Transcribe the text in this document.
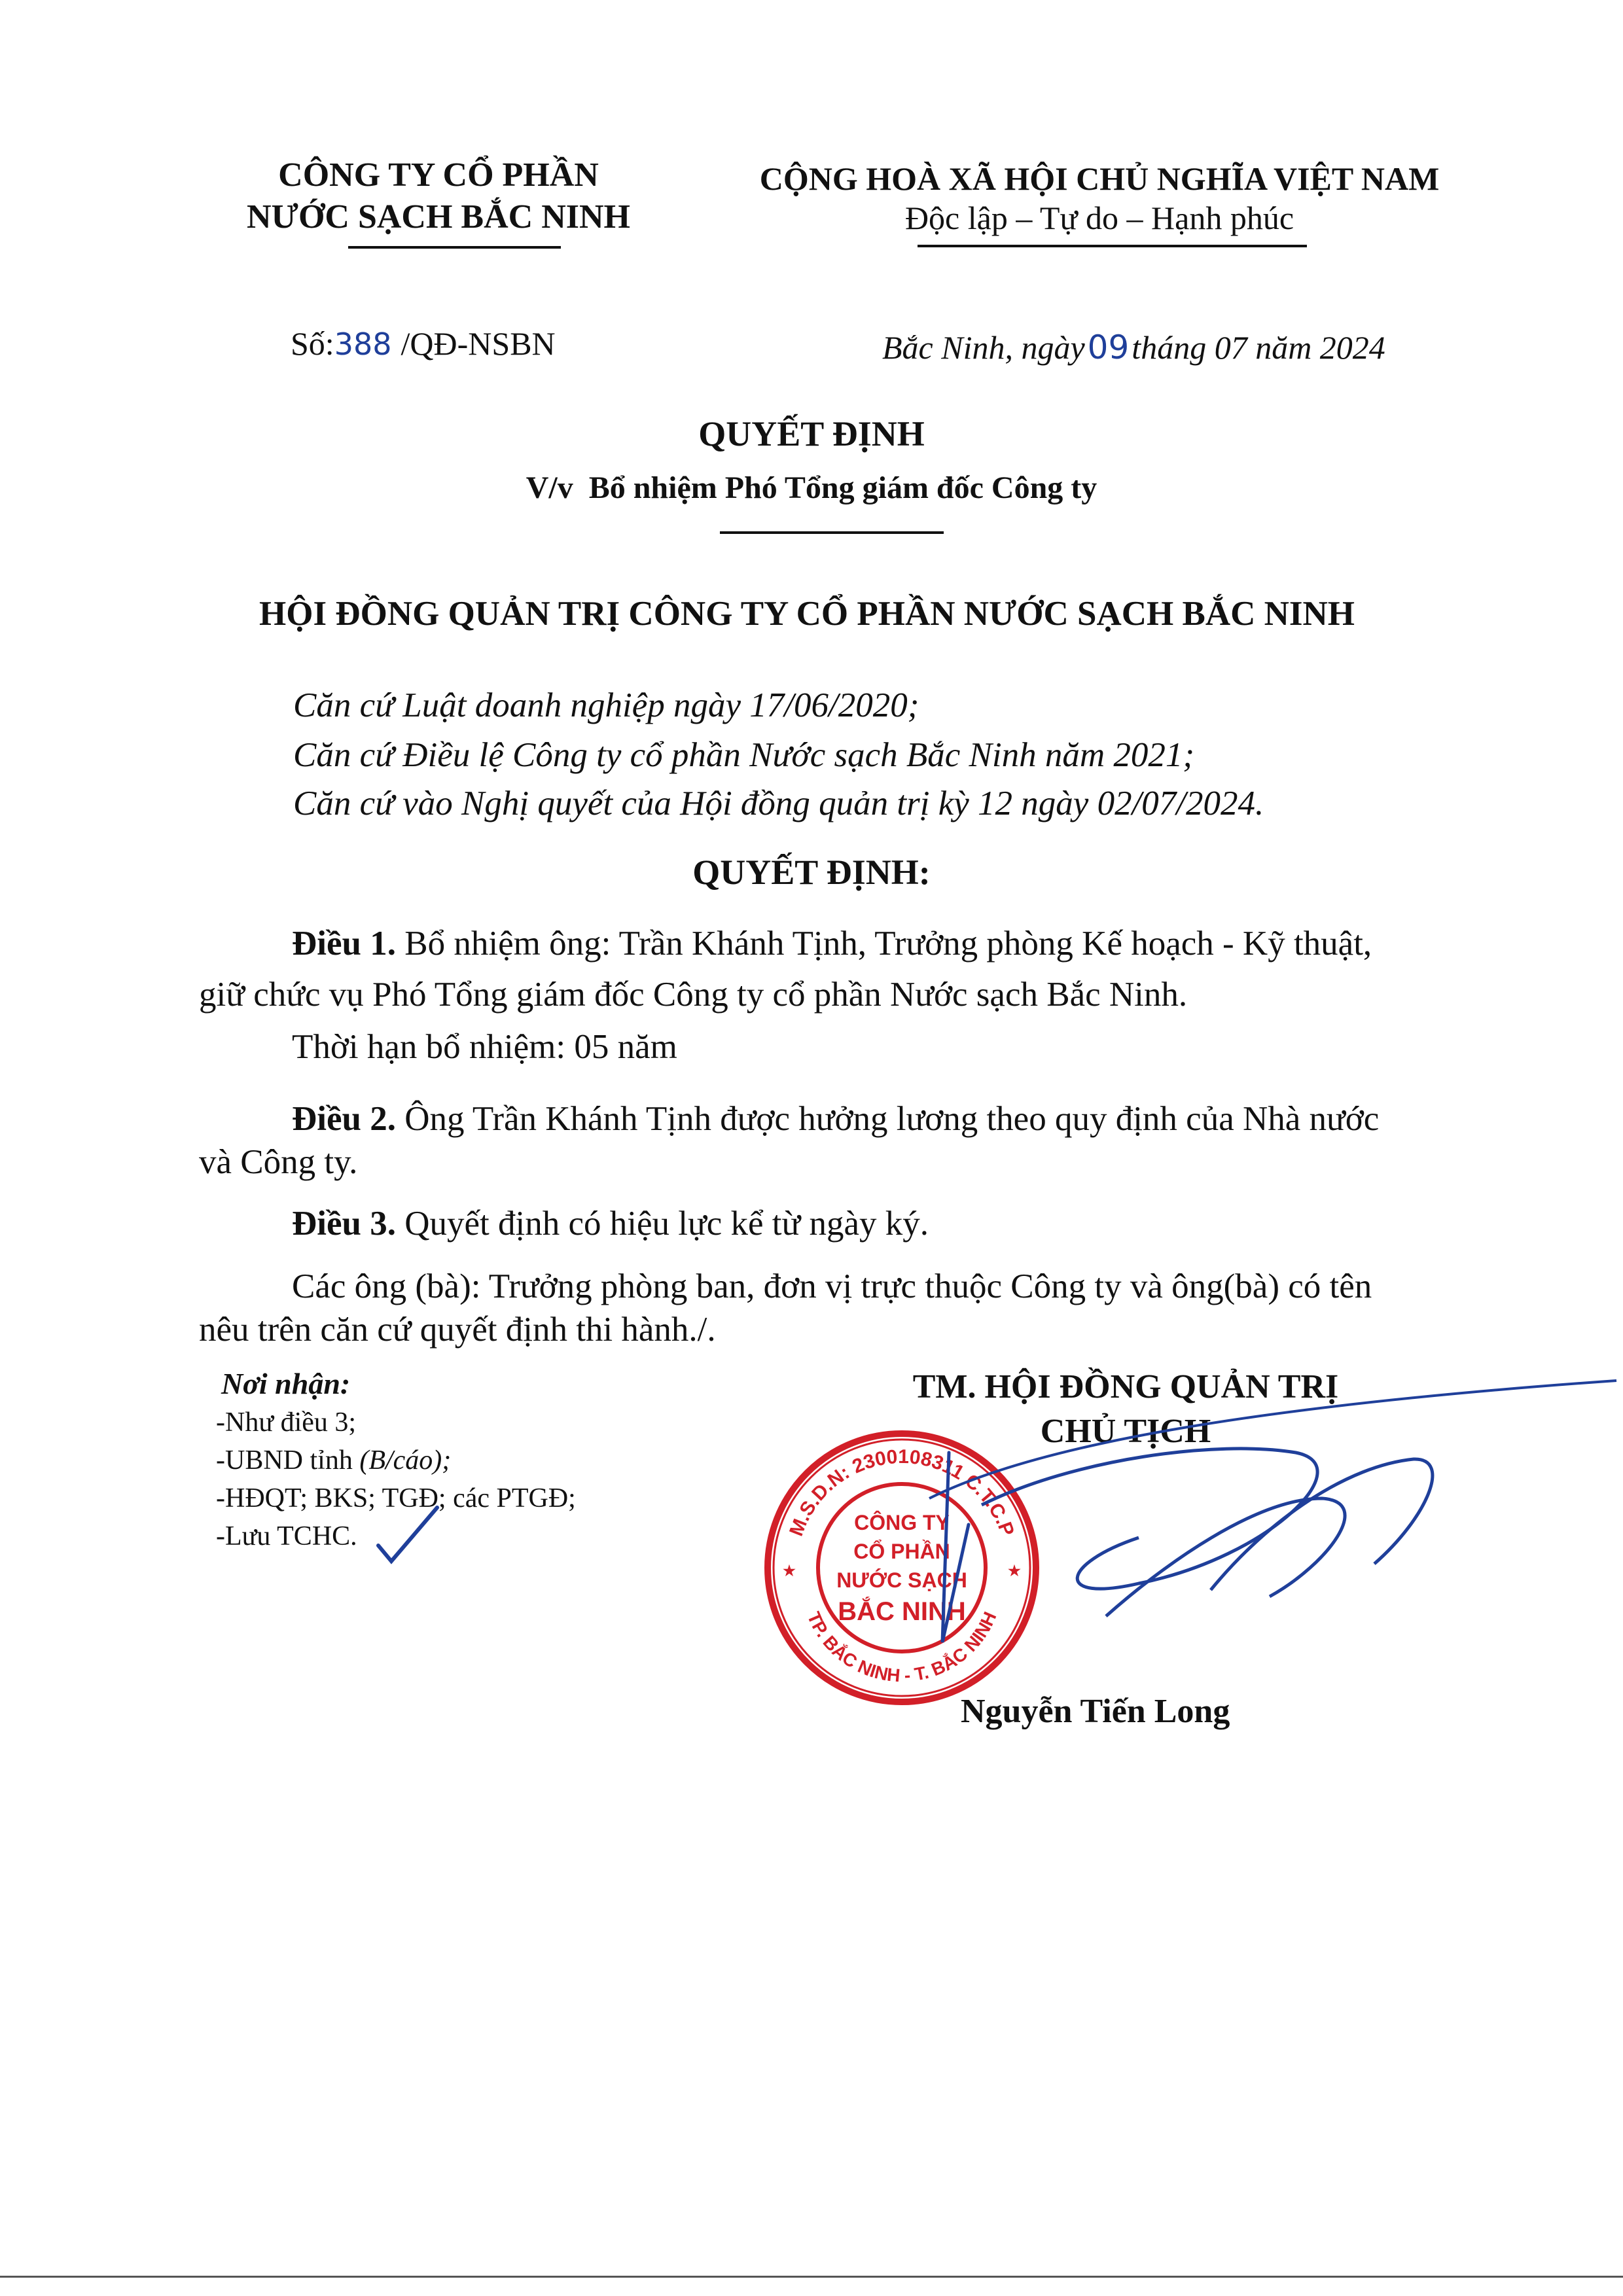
CÔNG TY CỔ PHẦN
NƯỚC SẠCH BẮC NINH
CỘNG HOÀ XÃ HỘI CHỦ NGHĨA VIỆT NAM
Độc lập – Tự do – Hạnh phúc
Số:388 /QĐ-NSBN	Bắc Ninh, ngày09tháng 07 năm 2024
QUYẾT ĐỊNH
V/v  Bổ nhiệm Phó Tổng giám đốc Công ty
HỘI ĐỒNG QUẢN TRỊ CÔNG TY CỔ PHẦN NƯỚC SẠCH BẮC NINH
Căn cứ Luật doanh nghiệp ngày 17/06/2020;
Căn cứ Điều lệ Công ty cổ phần Nước sạch Bắc Ninh năm 2021;
Căn cứ vào Nghị quyết của Hội đồng quản trị kỳ 12 ngày 02/07/2024.
QUYẾT ĐỊNH:
Điều 1. Bổ nhiệm ông: Trần Khánh Tịnh, Trưởng phòng Kế hoạch - Kỹ thuật,
giữ chức vụ Phó Tổng giám đốc Công ty cổ phần Nước sạch Bắc Ninh.
Thời hạn bổ nhiệm: 05 năm
Điều 2. Ông Trần Khánh Tịnh được hưởng lương theo quy định của Nhà nước
và Công ty.
Điều 3. Quyết định có hiệu lực kể từ ngày ký.
Các ông (bà): Trưởng phòng ban, đơn vị trực thuộc Công ty và ông(bà) có tên
nêu trên căn cứ quyết định thi hành./.
Nơi nhận:
-Như điều 3;
-UBND tỉnh (B/cáo);
-HĐQT; BKS; TGĐ; các PTGĐ;
-Lưu TCHC.
TM. HỘI ĐỒNG QUẢN TRỊ
CHỦ TỊCH
M.S.D.N: 2300108311 C.T.C.P
TP. BẮC NINH - T. BẮC NINH
CÔNG TY
CỔ PHẦN
NƯỚC SẠCH
BẮC NINH
★	★
Nguyễn Tiến Long
